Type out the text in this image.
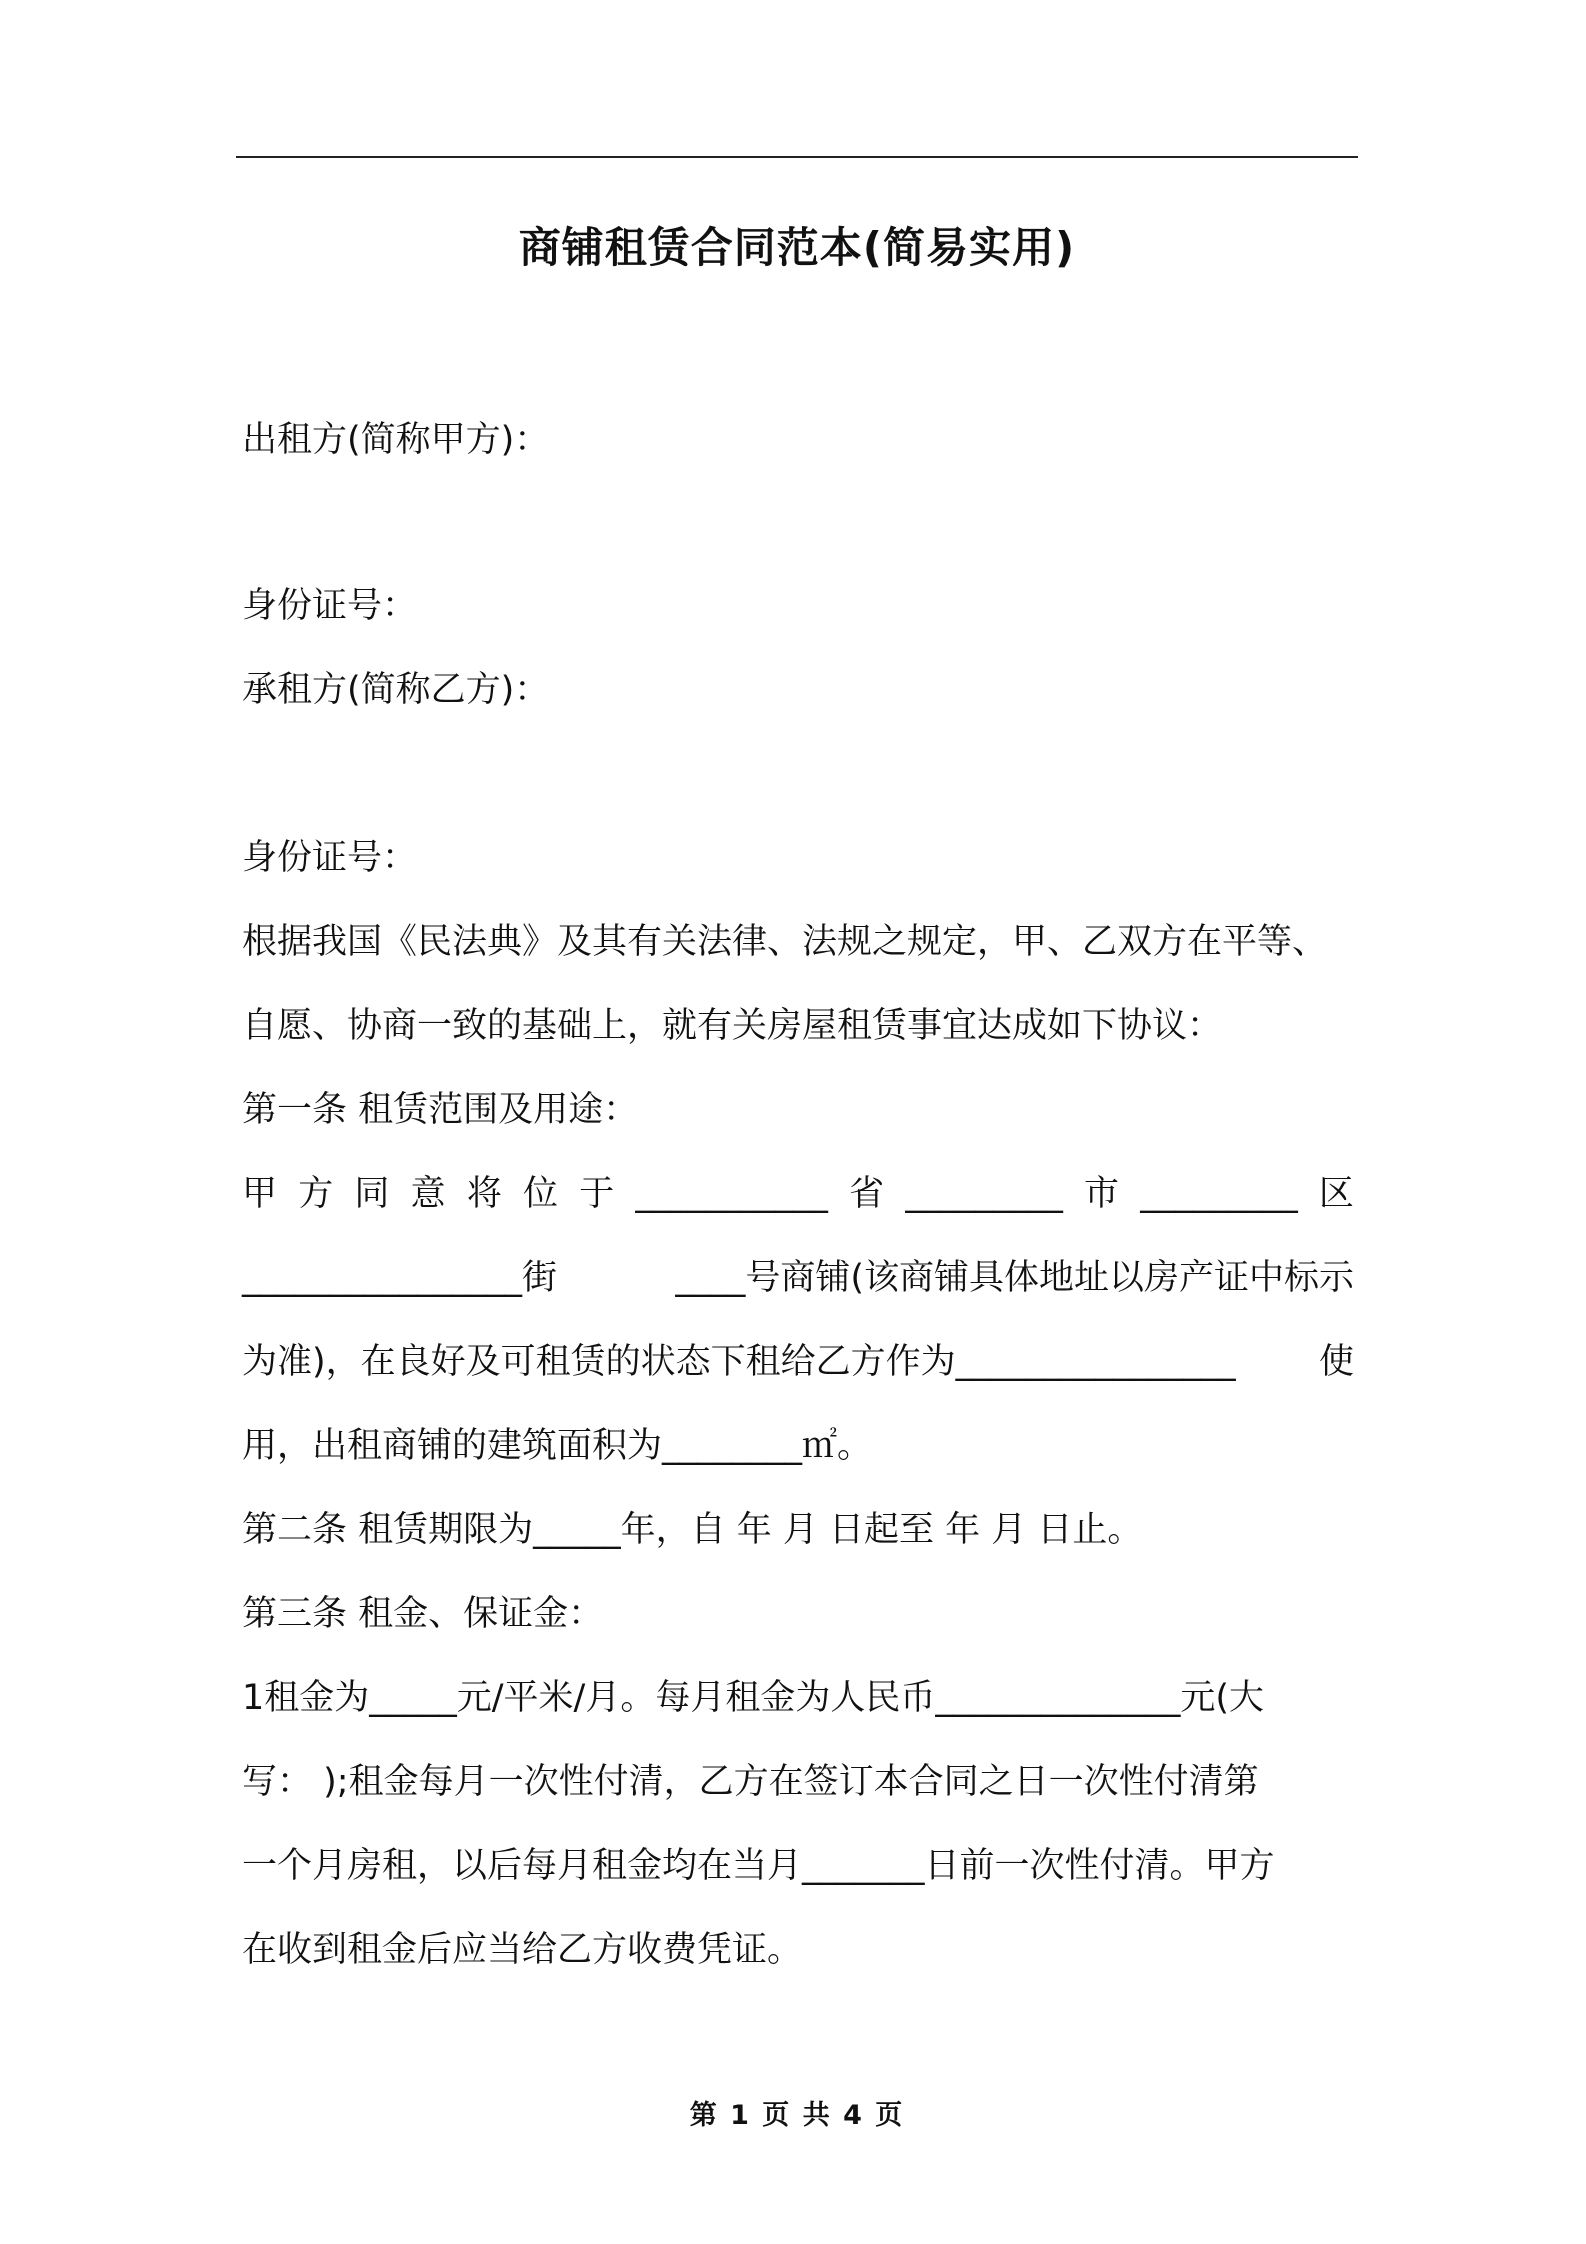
商铺租赁合同范本(简易实用)
出租方(简称甲方)：
身份证号：
承租方(简称乙方)：
身份证号：
根据我国《民法典》及其有关法律、法规之规定，甲、乙双方在平等、
自愿、协商一致的基础上，就有关房屋租赁事宜达成如下协议：
第一条 租赁范围及用途：
甲 方 同 意 将 位 于 ___________ 省 _________ 市 _________ 区
________________ 街	____ 号商铺(该商铺具体地址以房产证中标示
为准)，在良好及可租赁的状态下租给乙方作为________________ 使
用，出租商铺的建筑面积为________㎡。
第二条 租赁期限为_____年，自 年 月 日起至 年 月 日止。
第三条 租金、保证金：
1租金为_____元/平米/月。每月租金为人民币______________元(大
写： );租金每月一次性付清，乙方在签订本合同之日一次性付清第
一个月房租，以后每月租金均在当月_______日前一次性付清。甲方
在收到租金后应当给乙方收费凭证。
第 1 页 共 4 页
